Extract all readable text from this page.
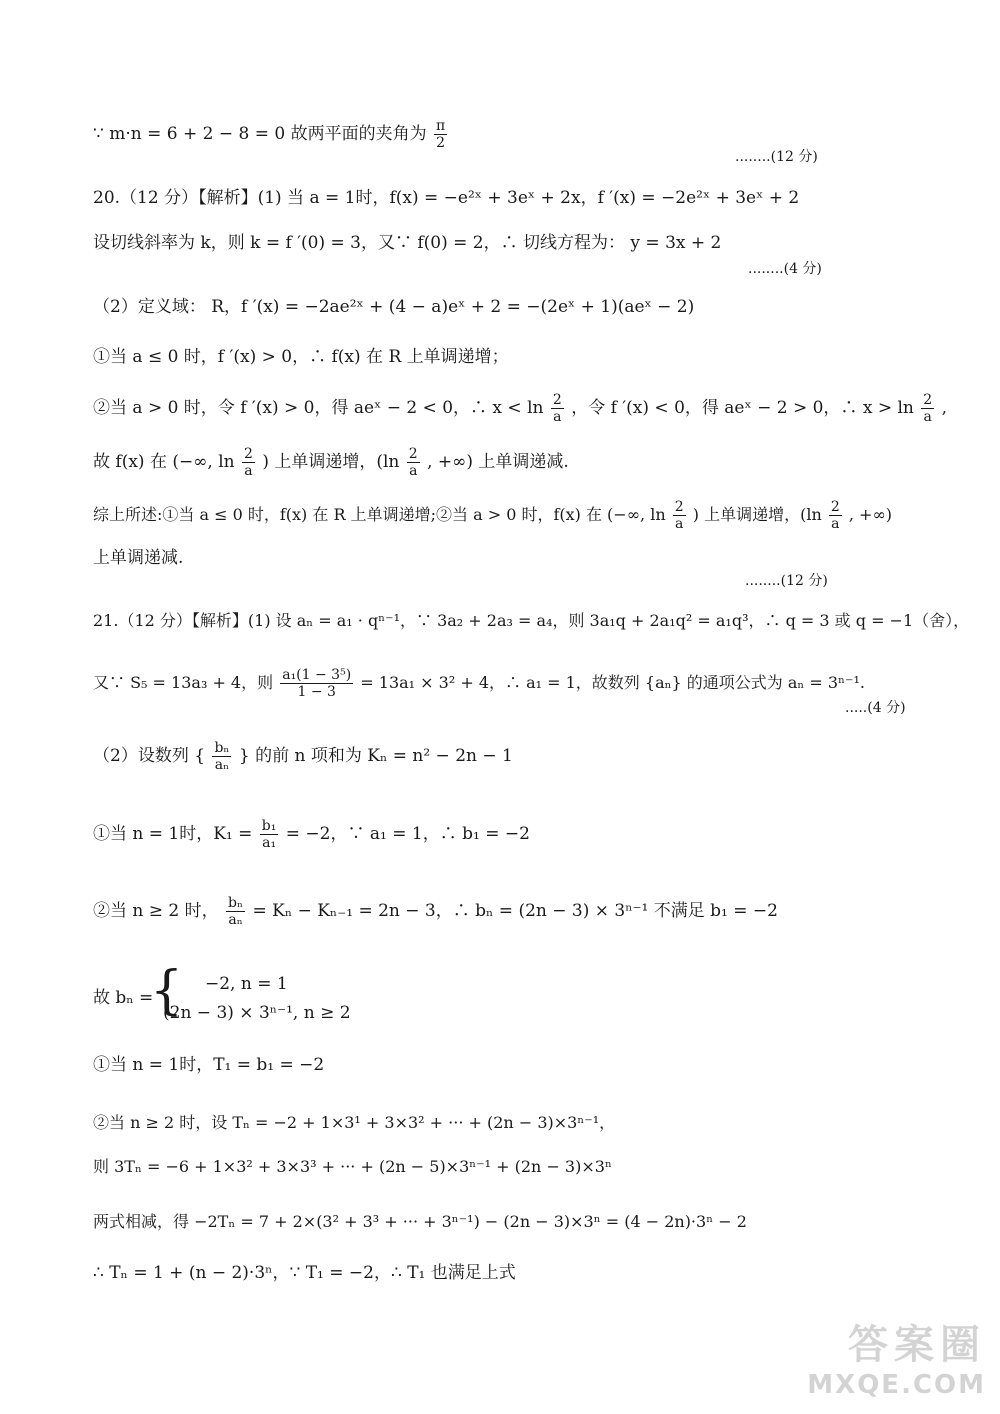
∵ m·n = 6 + 2 − 8 = 0 故两平面的夹角为 $\frac{\pi}{2}$
........(12 分)
20.（12 分）【解析】(1) 当 a = 1时，f(x) = −e²ˣ + 3eˣ + 2x，f ′(x) = −2e²ˣ + 3eˣ + 2
设切线斜率为 k，则 k = f ′(0) = 3，又∵ f(0) = 2，∴ 切线方程为： y = 3x + 2
........(4 分)
（2）定义域： R，f ′(x) = −2ae²ˣ + (4 − a)eˣ + 2 = −(2eˣ + 1)(aeˣ − 2)
①当 a ≤ 0 时，f ′(x) > 0，∴ f(x) 在 R 上单调递增；
②当 a > 0 时，令 f ′(x) > 0，得 aeˣ − 2 < 0，∴ $x < \ln \frac{2}{a}$ ，令 f ′(x) < 0，得 aeˣ − 2 > 0，∴ $x > \ln \frac{2}{a}$ ,
故 f(x) 在 (−∞, $\ln \frac{2}{a}$ ) 上单调递增，($\ln \frac{2}{a}$ , +∞) 上单调递减.
综上所述:①当 a ≤ 0 时，f(x) 在 R 上单调递增;②当 a > 0 时，f(x) 在 (−∞, $\ln \frac{2}{a}$ ) 上单调递增，($\ln \frac{2}{a}$ , +∞)
上单调递减.
........(12 分)
21.（12 分）【解析】(1) 设 aₙ = a₁ · qⁿ⁻¹，∵ 3a₂ + 2a₃ = a₄，则 3a₁q + 2a₁q² = a₁q³，∴ q = 3 或 q = −1（舍），
又∵ S₅ = 13a₃ + 4，则 $\frac{\text{a₁(1 − 3⁵)}}{1 - 3} = 13a_1 \times 3^2 + 4$，∴ a₁ = 1，故数列 {aₙ} 的通项公式为 aₙ = 3ⁿ⁻¹.
.....(4 分)
（2）设数列 { $\frac{\text{bₙ}}{\text{aₙ}}$ } 的前 n 项和为 Kₙ = n² − 2n − 1
①当 n = 1时，$K_1 = \frac{\text{b₁}}{\text{a₁}} = -2$，∵ a₁ = 1，∴ b₁ = −2
②当 n ≥ 2 时， $\frac{\text{bₙ}}{\text{aₙ}} = K_n - K_{n-1} = 2n - 3$，∴ bₙ = (2n − 3) × 3ⁿ⁻¹ 不满足 b₁ = −2
故 bₙ =
{ −2, n = 1
(2n − 3) × 3ⁿ⁻¹, n ≥ 2
①当 n = 1时，T₁ = b₁ = −2
②当 n ≥ 2 时，设 Tₙ = −2 + 1×3¹ + 3×3² + ··· + (2n − 3)×3ⁿ⁻¹，
则 3Tₙ = −6 + 1×3² + 3×3³ + ··· + (2n − 5)×3ⁿ⁻¹ + (2n − 3)×3ⁿ
两式相减，得 −2Tₙ = 7 + 2×(3² + 3³ + ··· + 3ⁿ⁻¹) − (2n − 3)×3ⁿ = (4 − 2n)·3ⁿ − 2
∴ Tₙ = 1 + (n − 2)·3ⁿ，∵ T₁ = −2，∴ T₁ 也满足上式
答案圈
MXQE.COM
